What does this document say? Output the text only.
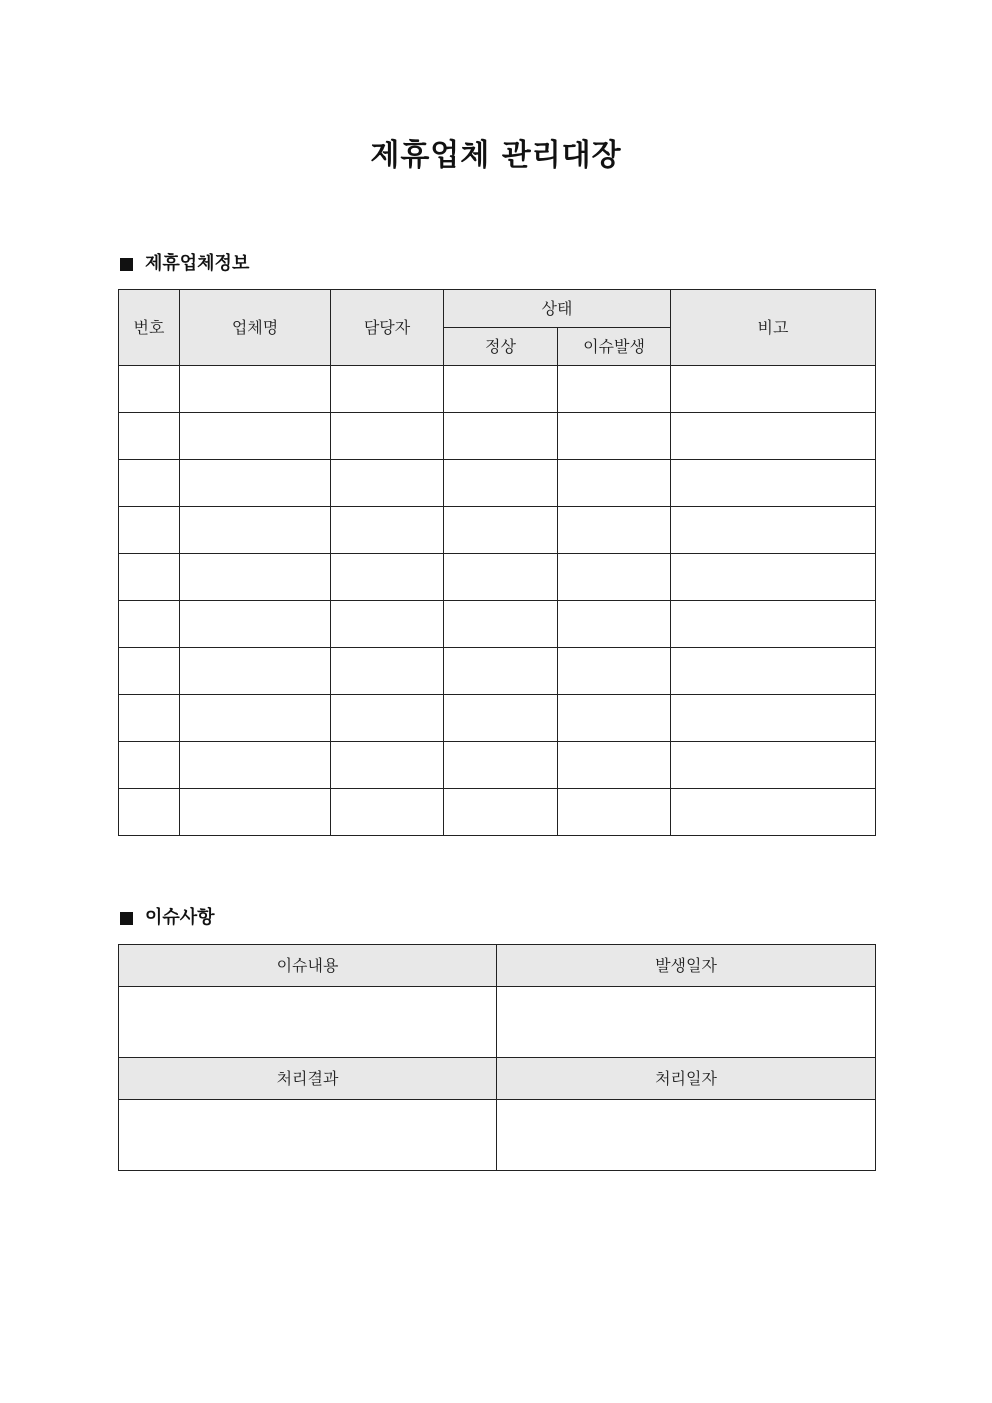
제휴업체 관리대장
제휴업체정보
번호	업체명	담당자	상태		비고
			정상	이슈발생	

이슈사항
이슈내용	발생일자

처리결과	처리일자
